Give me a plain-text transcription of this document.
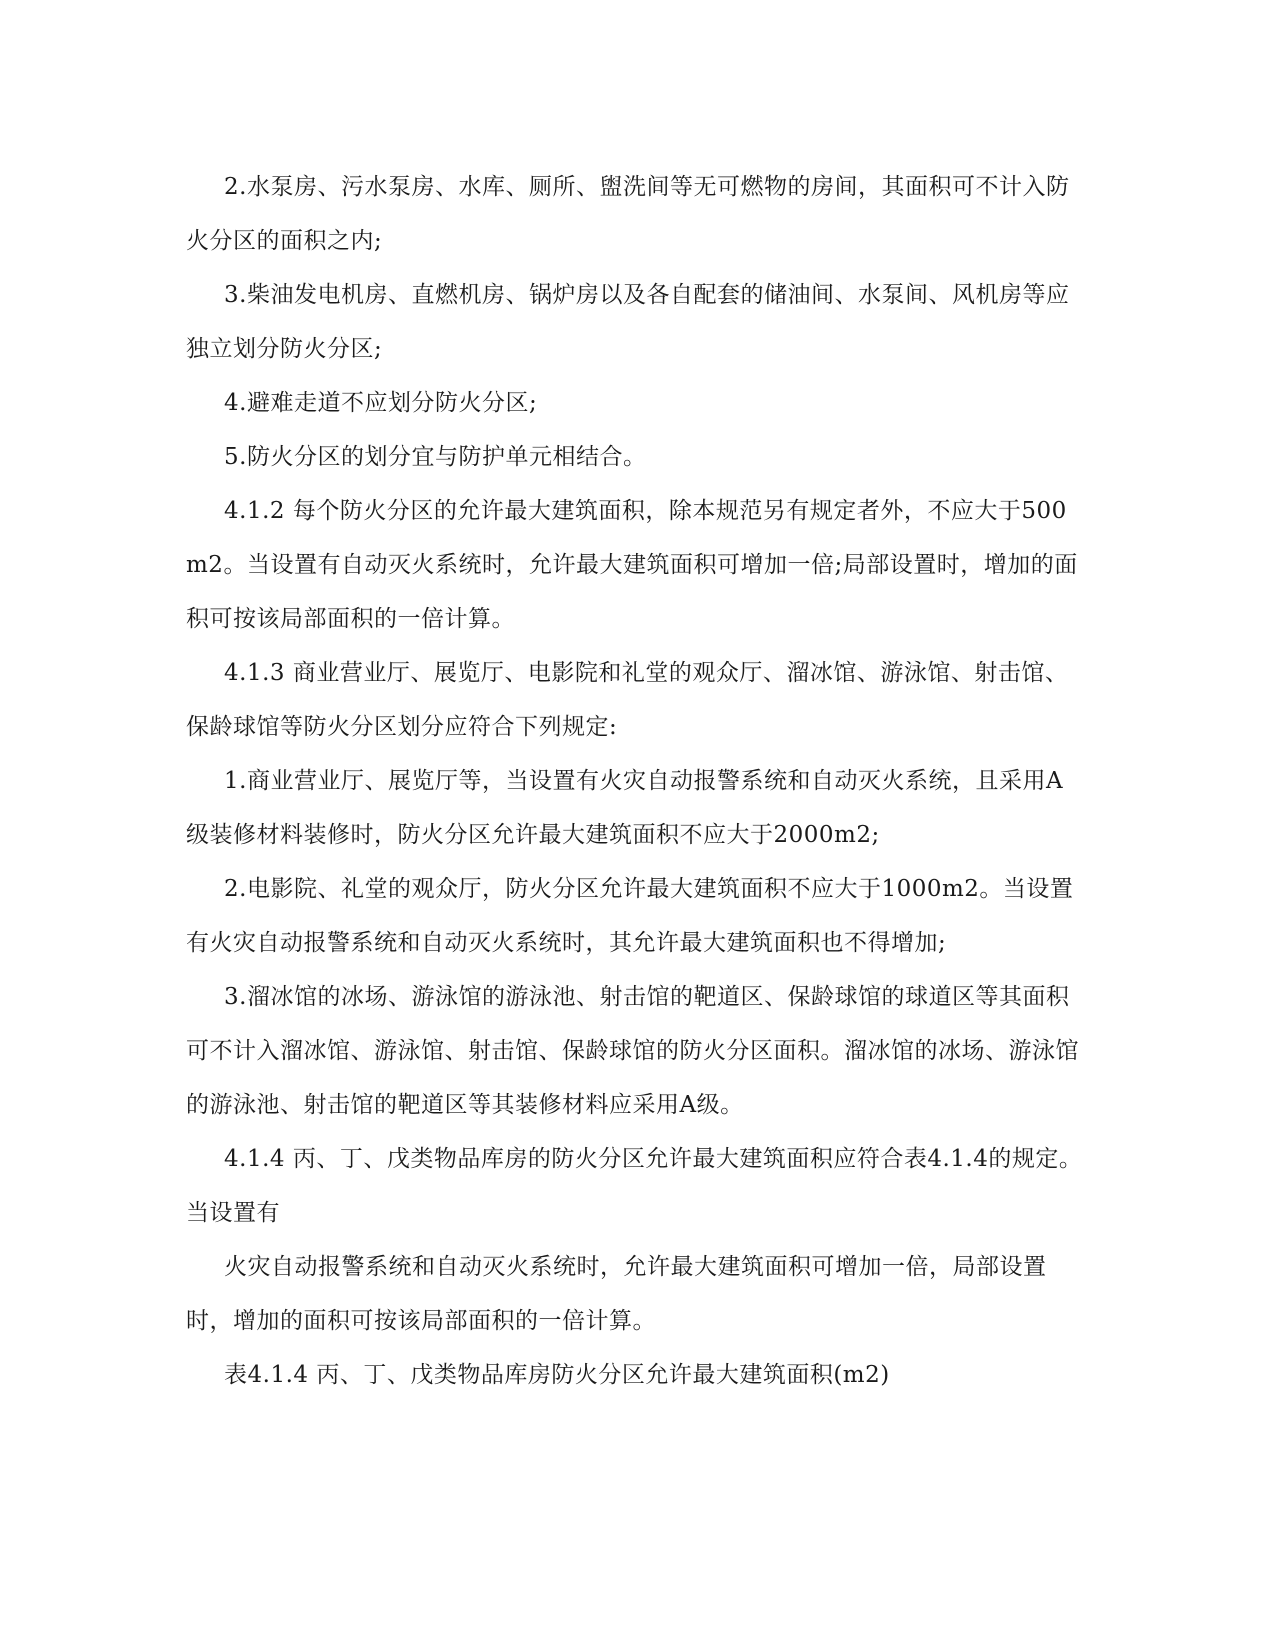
2.水泵房、污水泵房、水库、厕所、盥洗间等无可燃物的房间，其面积可不计入防火分区的面积之内;

3.柴油发电机房、直燃机房、锅炉房以及各自配套的储油间、水泵间、风机房等应独立划分防火分区;

4.避难走道不应划分防火分区;

5.防火分区的划分宜与防护单元相结合。

4.1.2 每个防火分区的允许最大建筑面积，除本规范另有规定者外，不应大于500m2。当设置有自动灭火系统时，允许最大建筑面积可增加一倍;局部设置时，增加的面积可按该局部面积的一倍计算。

4.1.3 商业营业厅、展览厅、电影院和礼堂的观众厅、溜冰馆、游泳馆、射击馆、保龄球馆等防火分区划分应符合下列规定:

1.商业营业厅、展览厅等，当设置有火灾自动报警系统和自动灭火系统，且采用A级装修材料装修时，防火分区允许最大建筑面积不应大于2000m2;

2.电影院、礼堂的观众厅，防火分区允许最大建筑面积不应大于1000m2。当设置有火灾自动报警系统和自动灭火系统时，其允许最大建筑面积也不得增加;

3.溜冰馆的冰场、游泳馆的游泳池、射击馆的靶道区、保龄球馆的球道区等其面积可不计入溜冰馆、游泳馆、射击馆、保龄球馆的防火分区面积。溜冰馆的冰场、游泳馆的游泳池、射击馆的靶道区等其装修材料应采用A级。

4.1.4 丙、丁、戊类物品库房的防火分区允许最大建筑面积应符合表4.1.4的规定。当设置有

火灾自动报警系统和自动灭火系统时，允许最大建筑面积可增加一倍，局部设置时，增加的面积可按该局部面积的一倍计算。

表4.1.4 丙、丁、戊类物品库房防火分区允许最大建筑面积(m2)
